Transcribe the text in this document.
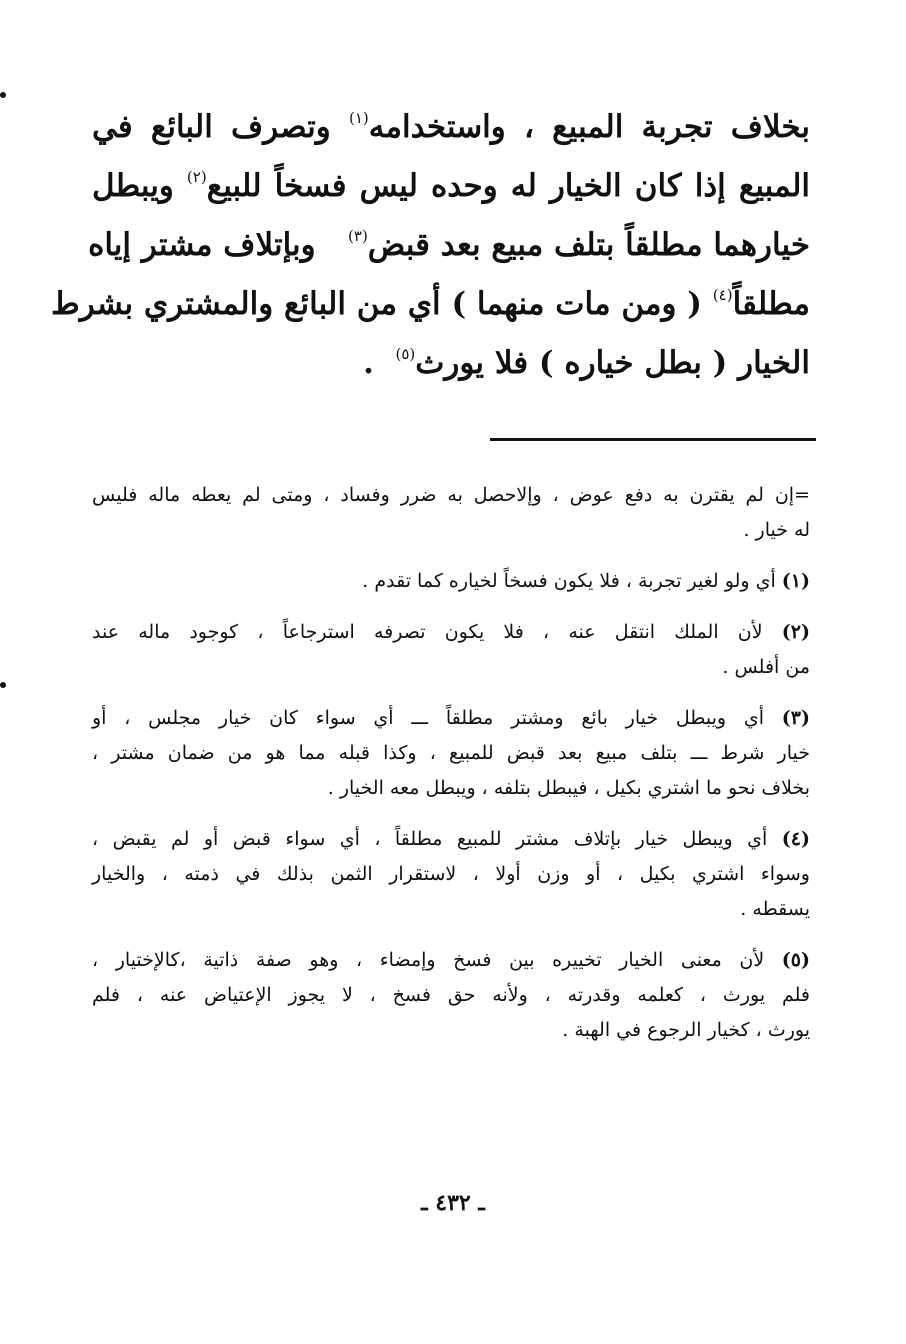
بخلاف تجربة المبيع ، واستخدامه$^{(١)}$ وتصرف البائع في
المبيع إذا كان الخيار له وحده ليس فسخاً للبيع$^{(٢)}$ ويبطل
خيارهما مطلقاً بتلف مبيع بعد قبض$^{(٣)}$   وبإتلاف مشتر إياه
مطلقاً$^{(٤)}$ ( ومن مات منهما ) أي من البائع والمشتري بشرط
الخيار ( بطل خياره ) فلا يورث$^{(٥)}$  .
=إن لم يقترن به دفع عوض ، وإلاحصل به ضرر وفساد ، ومتى لم يعطه ماله فليس
له خيار .
(١) أي ولو لغير تجربة ، فلا يكون فسخاً لخياره كما تقدم .
(٢) لأن الملك انتقل عنه ، فلا يكون تصرفه استرجاعاً ، كوجود ماله عند
من أفلس .
(٣) أي ويبطل خيار بائع ومشتر مطلقاً ـــ أي سواء كان خيار مجلس ، أو
خيار شرط ـــ بتلف مبيع بعد قبض للمبيع ، وكذا قبله مما هو من ضمان مشتر ،
بخلاف نحو ما اشتري بكيل ، فيبطل بتلفه ، ويبطل معه الخيار .
(٤) أي ويبطل خيار بإتلاف مشتر للمبيع مطلقاً ، أي سواء قبض أو لم يقبض ،
وسواء اشتري بكيل ، أو وزن أولا ، لاستقرار الثمن بذلك في ذمته ، والخيار
يسقطه .
(٥) لأن معنى الخيار تخييره بين فسخ وإمضاء ، وهو صفة ذاتية ،كالإختيار ،
فلم يورث ، كعلمه وقدرته ، ولأنه حق فسخ ، لا يجوز الإعتياض عنه ، فلم
يورث ، كخيار الرجوع في الهبة .
ـ ٤٣٢ ـ
